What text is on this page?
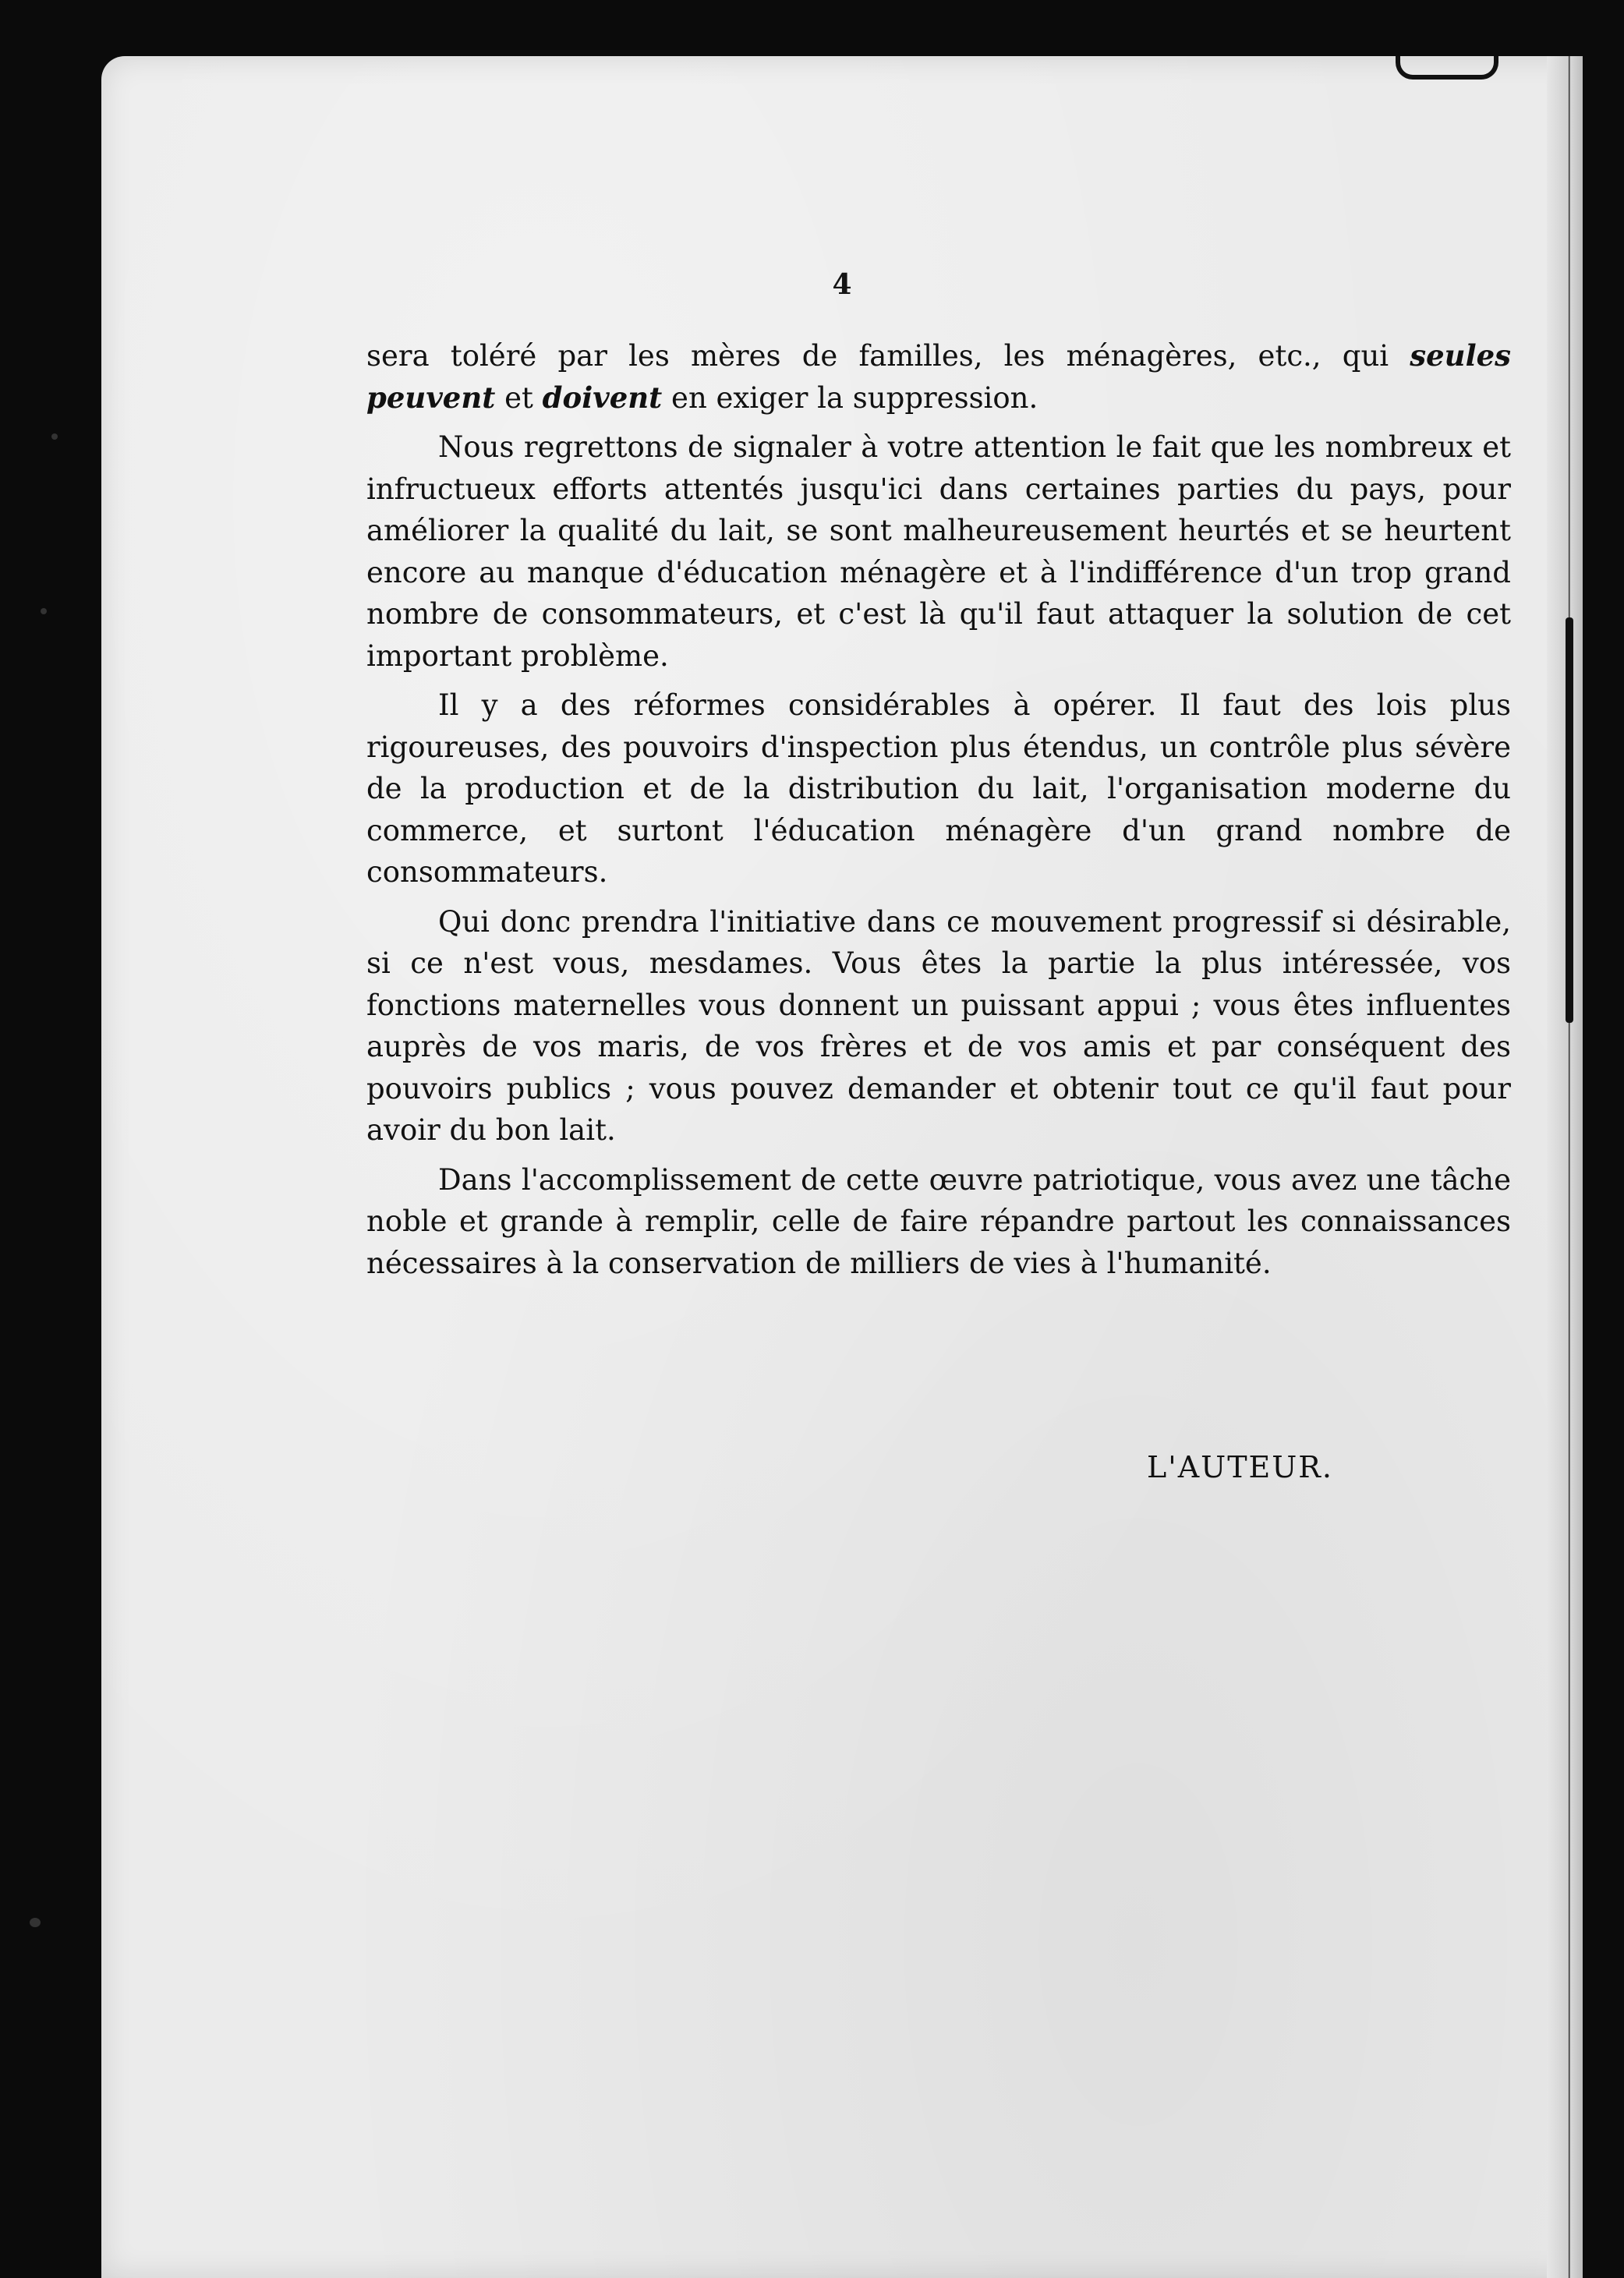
4

sera toléré par les mères de familles, les ménagères, etc., qui seules peuvent et doivent en exiger la suppression.

Nous regrettons de signaler à votre attention le fait que les nombreux et infructueux efforts attentés jusqu'ici dans certaines parties du pays, pour améliorer la qualité du lait, se sont malheureusement heurtés et se heurtent encore au manque d'éducation ménagère et à l'indifférence d'un trop grand nombre de consommateurs, et c'est là qu'il faut attaquer la solution de cet important problème.

Il y a des réformes considérables à opérer. Il faut des lois plus rigoureuses, des pouvoirs d'inspection plus étendus, un contrôle plus sévère de la production et de la distribution du lait, l'organisation moderne du commerce, et surtont l'éducation ménagère d'un grand nombre de consommateurs.

Qui donc prendra l'initiative dans ce mouvement progressif si désirable, si ce n'est vous, mesdames. Vous êtes la partie la plus intéressée, vos fonctions maternelles vous donnent un puissant appui ; vous êtes influentes auprès de vos maris, de vos frères et de vos amis et par conséquent des pouvoirs publics ; vous pouvez demander et obtenir tout ce qu'il faut pour avoir du bon lait.

Dans l'accomplissement de cette œuvre patriotique, vous avez une tâche noble et grande à remplir, celle de faire répandre partout les connaissances nécessaires à la conservation de milliers de vies à l'humanité.

L'AUTEUR.
